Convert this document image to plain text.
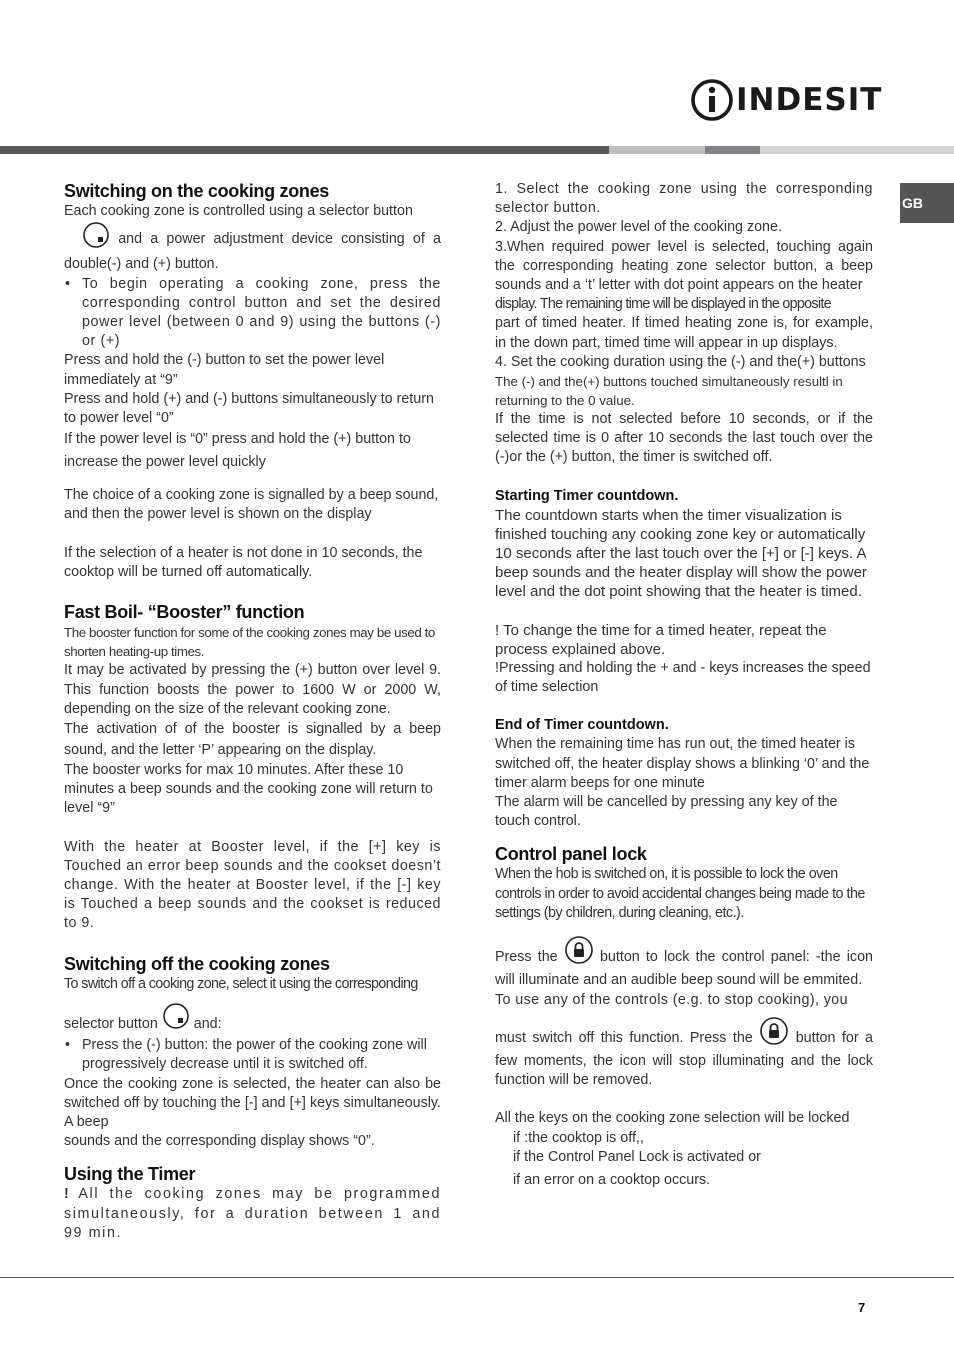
INDESIT
GB
Switching on the cooking zones

Each cooking zone is controlled using a selector button
and a power adjustment device consisting of a double(-) and (+) button.

• To begin operating a cooking zone, press the corresponding control button and set the desired power level (between 0 and 9) using the buttons (-) or (+)

Press and hold the (-) button to set the power level immediately at “9”

Press and hold (+) and (-) buttons simultaneously to return to power level “0”

If the power level is “0” press and hold the (+) button to increase the power level quickly

The choice of a cooking zone is signalled by a beep sound, and then the power level is shown on the display

If the selection of a heater is not done in 10 seconds, the cooktop will be turned off automatically.

Fast Boil- “Booster” function

The booster function for some of the cooking zones may be used to shorten heating-up times.

It may be activated by pressing the (+) button over level 9. This function boosts the power to 1600 W or 2000 W, depending on the size of the relevant cooking zone.

The activation of of the booster is signalled by a beep sound, and the letter ‘P’ appearing on the display.

The booster works for max 10 minutes. After these 10 minutes a beep sounds and the cooking zone will return to level “9”

With the heater at Booster level, if the [+] key is Touched an error beep sounds and the cookset doesn’t change. With the heater at Booster level, if the [-] key is Touched a beep sounds and the cookset is reduced to 9.

Switching off the cooking zones

To switch off a cooking zone, select it using the corresponding

selector button  and:

• Press the (-) button: the power of the cooking zone will progressively decrease until it is switched off.

Once the cooking zone is selected, the heater can also be switched off by touching the [-] and [+] keys simultaneously. A beep

sounds and the corresponding display shows “0”.

Using the Timer

! All the cooking zones may be programmed simultaneously, for a duration between 1 and 99 min.

1. Select the cooking zone using the corresponding selector button.

2. Adjust the power level of the cooking zone.

3.When required power level is selected, touching again the corresponding heating zone selector button, a beep sounds and a ‘t’ letter with dot point appears on the heater

display. The remaining time will be displayed in the opposite

part of timed heater. If timed heating zone is, for example, in the down part, timed time will appear in up displays.

4. Set the cooking duration using the (-) and the(+) buttons

The (-) and the(+) buttons touched simultaneously resultl in returning to the 0 value.

If the time is not selected before 10 seconds, or if the selected time is 0 after 10 seconds the last touch over the (-)or the (+) button, the timer is switched off.

Starting Timer countdown.

The countdown starts when the timer visualization is finished touching any cooking zone key or automatically 10 seconds after the last touch over the [+] or [-] keys. A beep sounds and the heater display will show the power

level and the dot point showing that the heater is timed.

! To change the time for a timed heater, repeat the process explained above.

!Pressing and holding the + and - keys increases the speed of time selection

End of Timer countdown.

When the remaining time has run out, the timed heater is switched off, the heater display shows a blinking ‘0’ and the timer alarm beeps for one minute

The alarm will be cancelled by pressing any key of the touch control.

Control panel lock

When the hob is switched on, it is possible to lock the oven controls in order to avoid accidental changes being made to the settings (by children, during cleaning, etc.).

Press the	button to lock the control panel: -the icon will illuminate and an audible beep sound will be emmited.

To use any of the controls (e.g. to stop cooking), you

must switch off this function. Press the	button for a few moments, the icon will stop illuminating and the lock function will be removed.

All the keys on the cooking zone selection will be locked

if :the cooktop is off,,

if the Control Panel Lock is activated or

if an error on a cooktop occurs.

7
